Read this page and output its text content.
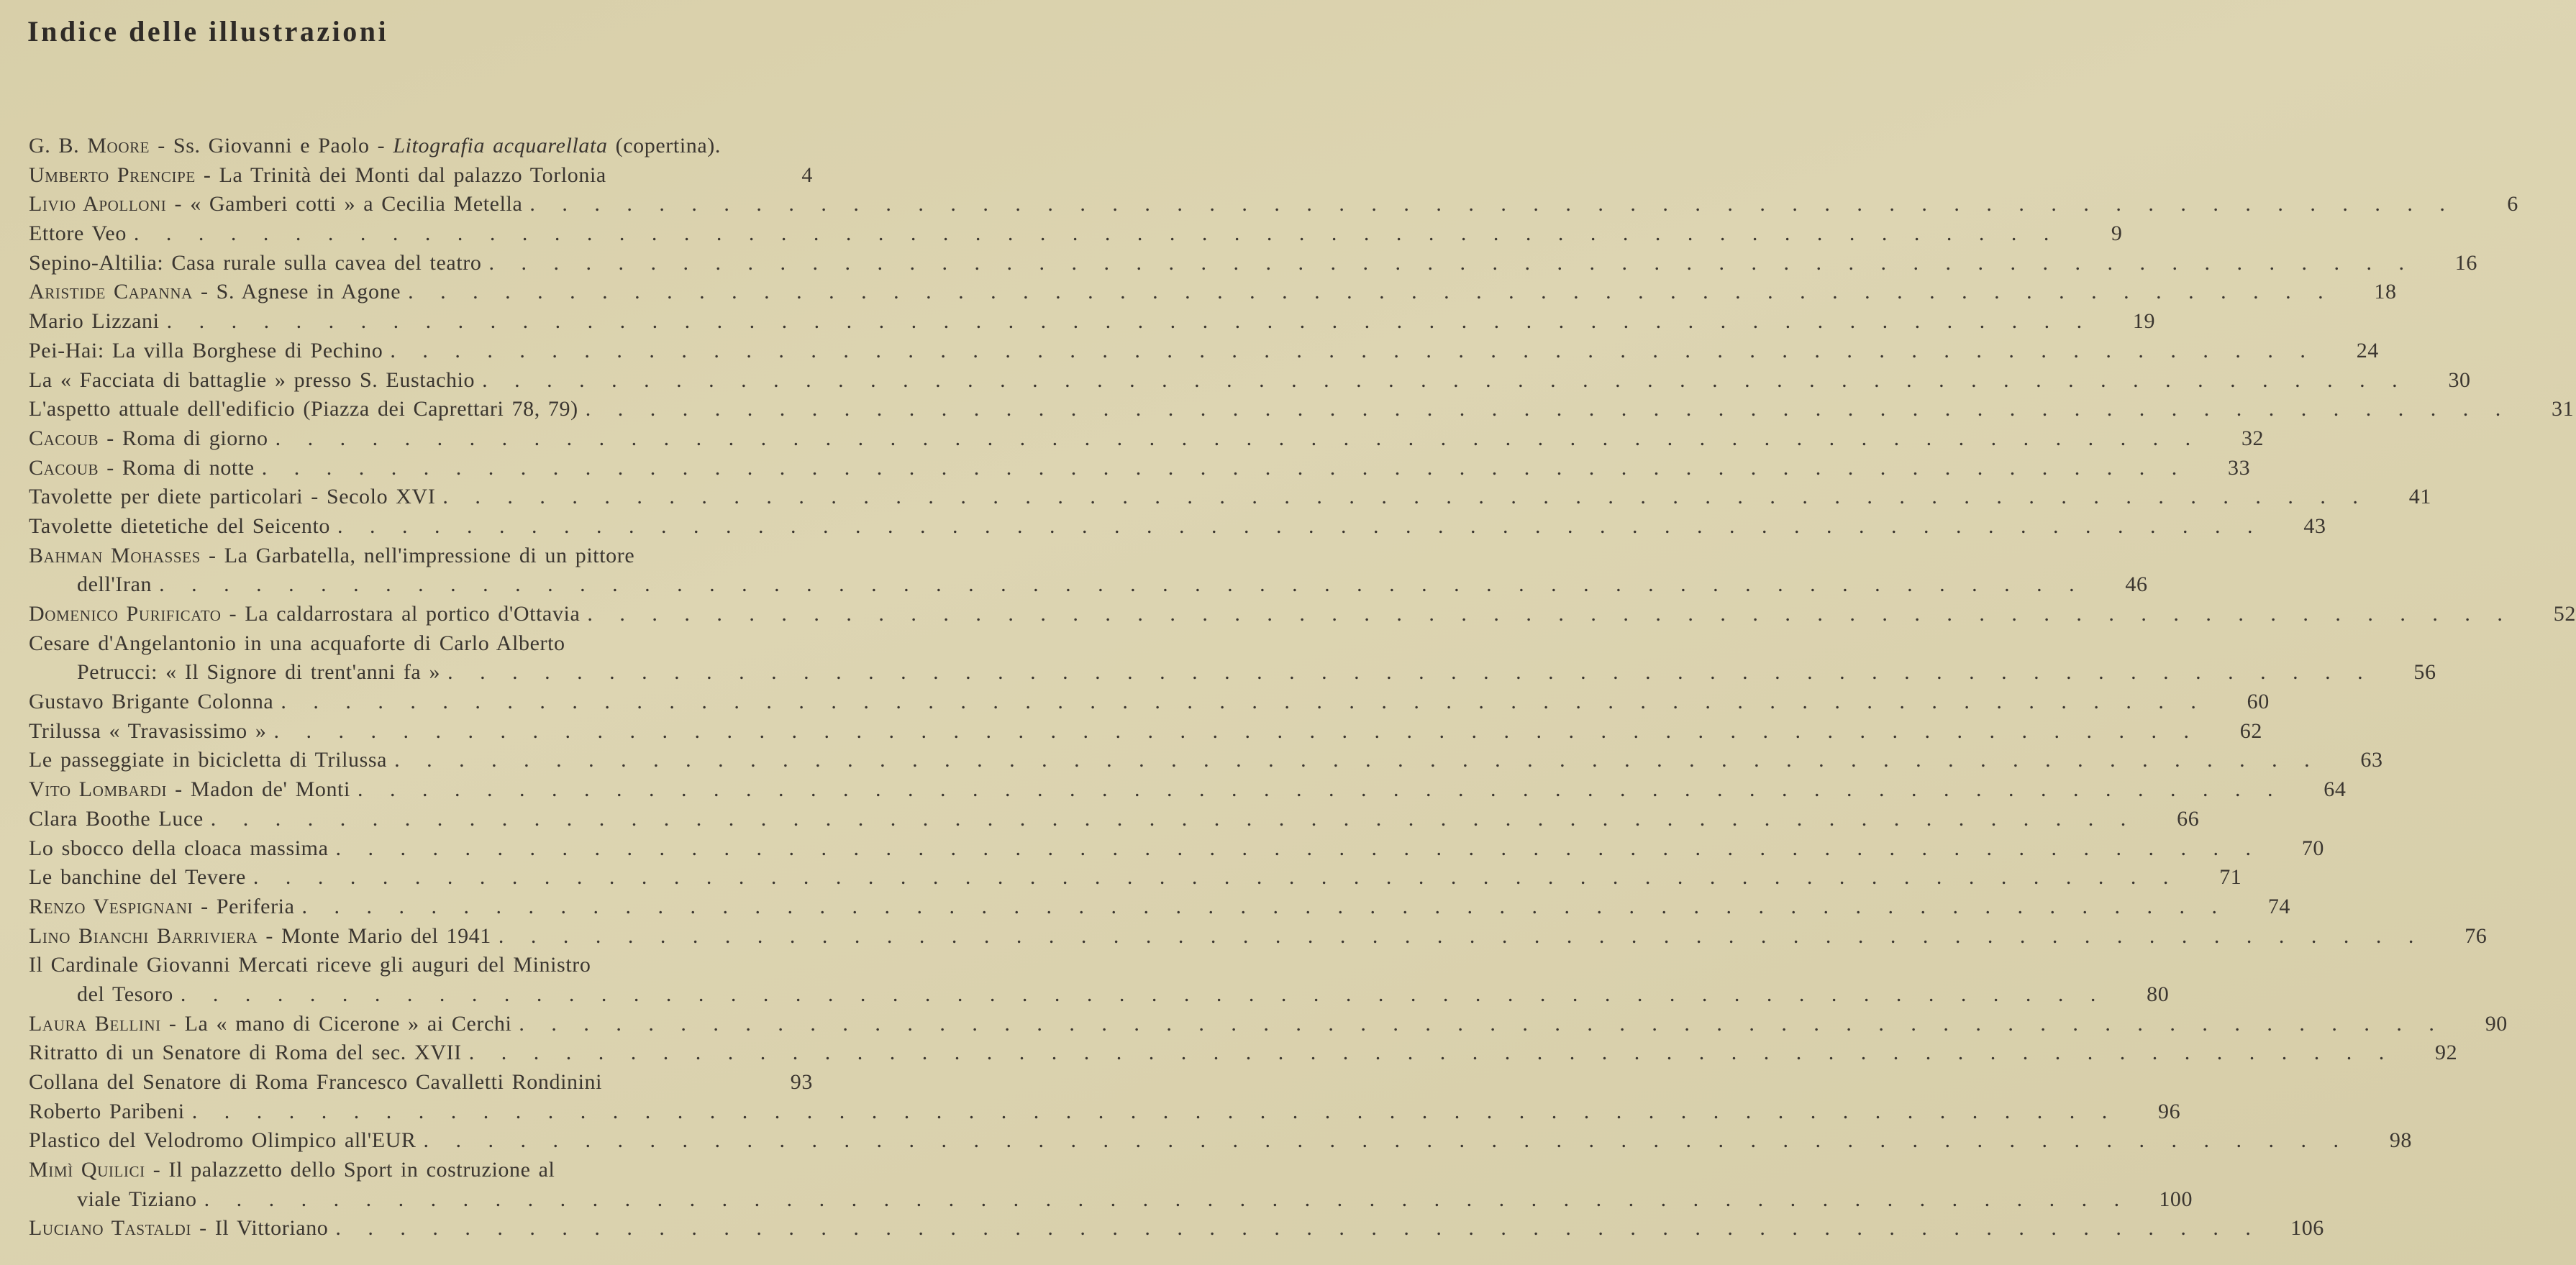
Indice delle illustrazioni
G. B. Moore - Ss. Giovanni e Paolo - Litografia acquarellata (copertina).
Umberto Prencipe - La Trinità dei Monti dal palazzo Torlonia	4
Livio Apolloni - « Gamberi cotti » a Cecilia Metella .  .  .  .  .  .  .  .  .  .  .  .  .  .  .  .  .  .  .  .  .  .  .  .  .  .  .  .  .  .  .  .  .  .  .  .  .  .  .  .  .  .  .  .  .  .  .  .  .  .  .  .  .  .  .  .  .  .  .  .	6
Ettore Veo .  .  .  .  .  .  .  .  .  .  .  .  .  .  .  .  .  .  .  .  .  .  .  .  .  .  .  .  .  .  .  .  .  .  .  .  .  .  .  .  .  .  .  .  .  .  .  .  .  .  .  .  .  .  .  .  .  .  .  .	9
Sepino-Altilia: Casa rurale sulla cavea del teatro .  .  .  .  .  .  .  .  .  .  .  .  .  .  .  .  .  .  .  .  .  .  .  .  .  .  .  .  .  .  .  .  .  .  .  .  .  .  .  .  .  .  .  .  .  .  .  .  .  .  .  .  .  .  .  .  .  .  .  .	16
Aristide Capanna - S. Agnese in Agone .  .  .  .  .  .  .  .  .  .  .  .  .  .  .  .  .  .  .  .  .  .  .  .  .  .  .  .  .  .  .  .  .  .  .  .  .  .  .  .  .  .  .  .  .  .  .  .  .  .  .  .  .  .  .  .  .  .  .  .	18
Mario Lizzani .  .  .  .  .  .  .  .  .  .  .  .  .  .  .  .  .  .  .  .  .  .  .  .  .  .  .  .  .  .  .  .  .  .  .  .  .  .  .  .  .  .  .  .  .  .  .  .  .  .  .  .  .  .  .  .  .  .  .  .	19
Pei-Hai: La villa Borghese di Pechino .  .  .  .  .  .  .  .  .  .  .  .  .  .  .  .  .  .  .  .  .  .  .  .  .  .  .  .  .  .  .  .  .  .  .  .  .  .  .  .  .  .  .  .  .  .  .  .  .  .  .  .  .  .  .  .  .  .  .  .	24
La « Facciata di battaglie » presso S. Eustachio .  .  .  .  .  .  .  .  .  .  .  .  .  .  .  .  .  .  .  .  .  .  .  .  .  .  .  .  .  .  .  .  .  .  .  .  .  .  .  .  .  .  .  .  .  .  .  .  .  .  .  .  .  .  .  .  .  .  .  .	30
L'aspetto attuale dell'edificio (Piazza dei Caprettari 78, 79) .  .  .  .  .  .  .  .  .  .  .  .  .  .  .  .  .  .  .  .  .  .  .  .  .  .  .  .  .  .  .  .  .  .  .  .  .  .  .  .  .  .  .  .  .  .  .  .  .  .  .  .  .  .  .  .  .  .  .  .	31
Cacoub - Roma di giorno .  .  .  .  .  .  .  .  .  .  .  .  .  .  .  .  .  .  .  .  .  .  .  .  .  .  .  .  .  .  .  .  .  .  .  .  .  .  .  .  .  .  .  .  .  .  .  .  .  .  .  .  .  .  .  .  .  .  .  .	32
Cacoub - Roma di notte .  .  .  .  .  .  .  .  .  .  .  .  .  .  .  .  .  .  .  .  .  .  .  .  .  .  .  .  .  .  .  .  .  .  .  .  .  .  .  .  .  .  .  .  .  .  .  .  .  .  .  .  .  .  .  .  .  .  .  .	33
Tavolette per diete particolari - Secolo XVI .  .  .  .  .  .  .  .  .  .  .  .  .  .  .  .  .  .  .  .  .  .  .  .  .  .  .  .  .  .  .  .  .  .  .  .  .  .  .  .  .  .  .  .  .  .  .  .  .  .  .  .  .  .  .  .  .  .  .  .	41
Tavolette dietetiche del Seicento .  .  .  .  .  .  .  .  .  .  .  .  .  .  .  .  .  .  .  .  .  .  .  .  .  .  .  .  .  .  .  .  .  .  .  .  .  .  .  .  .  .  .  .  .  .  .  .  .  .  .  .  .  .  .  .  .  .  .  .	43
Bahman Mohasses - La Garbatella, nell'impressione di un pittore
dell'Iran .  .  .  .  .  .  .  .  .  .  .  .  .  .  .  .  .  .  .  .  .  .  .  .  .  .  .  .  .  .  .  .  .  .  .  .  .  .  .  .  .  .  .  .  .  .  .  .  .  .  .  .  .  .  .  .  .  .  .  .	46
Domenico Purificato - La caldarrostara al portico d'Ottavia .  .  .  .  .  .  .  .  .  .  .  .  .  .  .  .  .  .  .  .  .  .  .  .  .  .  .  .  .  .  .  .  .  .  .  .  .  .  .  .  .  .  .  .  .  .  .  .  .  .  .  .  .  .  .  .  .  .  .  .	52
Cesare d'Angelantonio in una acquaforte di Carlo Alberto
Petrucci: « Il Signore di trent'anni fa » .  .  .  .  .  .  .  .  .  .  .  .  .  .  .  .  .  .  .  .  .  .  .  .  .  .  .  .  .  .  .  .  .  .  .  .  .  .  .  .  .  .  .  .  .  .  .  .  .  .  .  .  .  .  .  .  .  .  .  .	56
Gustavo Brigante Colonna .  .  .  .  .  .  .  .  .  .  .  .  .  .  .  .  .  .  .  .  .  .  .  .  .  .  .  .  .  .  .  .  .  .  .  .  .  .  .  .  .  .  .  .  .  .  .  .  .  .  .  .  .  .  .  .  .  .  .  .	60
Trilussa « Travasissimo » .  .  .  .  .  .  .  .  .  .  .  .  .  .  .  .  .  .  .  .  .  .  .  .  .  .  .  .  .  .  .  .  .  .  .  .  .  .  .  .  .  .  .  .  .  .  .  .  .  .  .  .  .  .  .  .  .  .  .  .	62
Le passeggiate in bicicletta di Trilussa .  .  .  .  .  .  .  .  .  .  .  .  .  .  .  .  .  .  .  .  .  .  .  .  .  .  .  .  .  .  .  .  .  .  .  .  .  .  .  .  .  .  .  .  .  .  .  .  .  .  .  .  .  .  .  .  .  .  .  .	63
Vito Lombardi - Madon de' Monti .  .  .  .  .  .  .  .  .  .  .  .  .  .  .  .  .  .  .  .  .  .  .  .  .  .  .  .  .  .  .  .  .  .  .  .  .  .  .  .  .  .  .  .  .  .  .  .  .  .  .  .  .  .  .  .  .  .  .  .	64
Clara Boothe Luce .  .  .  .  .  .  .  .  .  .  .  .  .  .  .  .  .  .  .  .  .  .  .  .  .  .  .  .  .  .  .  .  .  .  .  .  .  .  .  .  .  .  .  .  .  .  .  .  .  .  .  .  .  .  .  .  .  .  .  .	66
Lo sbocco della cloaca massima .  .  .  .  .  .  .  .  .  .  .  .  .  .  .  .  .  .  .  .  .  .  .  .  .  .  .  .  .  .  .  .  .  .  .  .  .  .  .  .  .  .  .  .  .  .  .  .  .  .  .  .  .  .  .  .  .  .  .  .	70
Le banchine del Tevere .  .  .  .  .  .  .  .  .  .  .  .  .  .  .  .  .  .  .  .  .  .  .  .  .  .  .  .  .  .  .  .  .  .  .  .  .  .  .  .  .  .  .  .  .  .  .  .  .  .  .  .  .  .  .  .  .  .  .  .	71
Renzo Vespignani - Periferia .  .  .  .  .  .  .  .  .  .  .  .  .  .  .  .  .  .  .  .  .  .  .  .  .  .  .  .  .  .  .  .  .  .  .  .  .  .  .  .  .  .  .  .  .  .  .  .  .  .  .  .  .  .  .  .  .  .  .  .	74
Lino Bianchi Barriviera - Monte Mario del 1941 .  .  .  .  .  .  .  .  .  .  .  .  .  .  .  .  .  .  .  .  .  .  .  .  .  .  .  .  .  .  .  .  .  .  .  .  .  .  .  .  .  .  .  .  .  .  .  .  .  .  .  .  .  .  .  .  .  .  .  .	76
Il Cardinale Giovanni Mercati riceve gli auguri del Ministro
del Tesoro .  .  .  .  .  .  .  .  .  .  .  .  .  .  .  .  .  .  .  .  .  .  .  .  .  .  .  .  .  .  .  .  .  .  .  .  .  .  .  .  .  .  .  .  .  .  .  .  .  .  .  .  .  .  .  .  .  .  .  .	80
Laura Bellini - La « mano di Cicerone » ai Cerchi .  .  .  .  .  .  .  .  .  .  .  .  .  .  .  .  .  .  .  .  .  .  .  .  .  .  .  .  .  .  .  .  .  .  .  .  .  .  .  .  .  .  .  .  .  .  .  .  .  .  .  .  .  .  .  .  .  .  .  .	90
Ritratto di un Senatore di Roma del sec. XVII .  .  .  .  .  .  .  .  .  .  .  .  .  .  .  .  .  .  .  .  .  .  .  .  .  .  .  .  .  .  .  .  .  .  .  .  .  .  .  .  .  .  .  .  .  .  .  .  .  .  .  .  .  .  .  .  .  .  .  .	92
Collana del Senatore di Roma Francesco Cavalletti Rondinini	93
Roberto Paribeni .  .  .  .  .  .  .  .  .  .  .  .  .  .  .  .  .  .  .  .  .  .  .  .  .  .  .  .  .  .  .  .  .  .  .  .  .  .  .  .  .  .  .  .  .  .  .  .  .  .  .  .  .  .  .  .  .  .  .  .	96
Plastico del Velodromo Olimpico all'EUR .  .  .  .  .  .  .  .  .  .  .  .  .  .  .  .  .  .  .  .  .  .  .  .  .  .  .  .  .  .  .  .  .  .  .  .  .  .  .  .  .  .  .  .  .  .  .  .  .  .  .  .  .  .  .  .  .  .  .  .	98
Mimì Quilici - Il palazzetto dello Sport in costruzione al
viale Tiziano .  .  .  .  .  .  .  .  .  .  .  .  .  .  .  .  .  .  .  .  .  .  .  .  .  .  .  .  .  .  .  .  .  .  .  .  .  .  .  .  .  .  .  .  .  .  .  .  .  .  .  .  .  .  .  .  .  .  .  .	100
Luciano Tastaldi - Il Vittoriano .  .  .  .  .  .  .  .  .  .  .  .  .  .  .  .  .  .  .  .  .  .  .  .  .  .  .  .  .  .  .  .  .  .  .  .  .  .  .  .  .  .  .  .  .  .  .  .  .  .  .  .  .  .  .  .  .  .  .  .	106
